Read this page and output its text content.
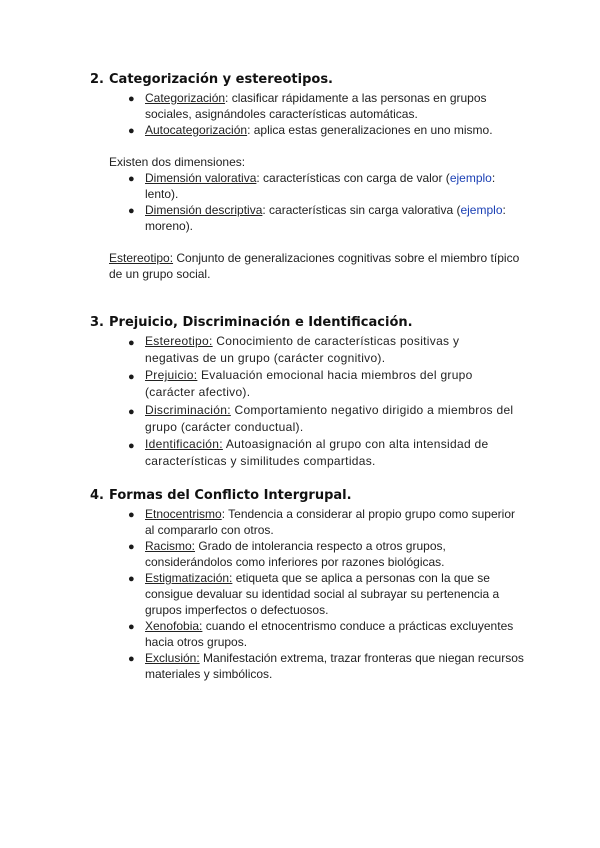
2. Categorización y estereotipos.
● Categorización: clasificar rápidamente a las personas en grupos sociales, asignándoles características automáticas.
● Autocategorización: aplica estas generalizaciones en uno mismo.
Existen dos dimensiones:
● Dimensión valorativa: características con carga de valor (ejemplo: lento).
● Dimensión descriptiva: características sin carga valorativa (ejemplo: moreno).
Estereotipo: Conjunto de generalizaciones cognitivas sobre el miembro típico de un grupo social.
3. Prejuicio, Discriminación e Identificación.
● Estereotipo: Conocimiento de características positivas y negativas de un grupo (carácter cognitivo).
● Prejuicio: Evaluación emocional hacia miembros del grupo (carácter afectivo).
● Discriminación: Comportamiento negativo dirigido a miembros del grupo (carácter conductual).
● Identificación: Autoasignación al grupo con alta intensidad de características y similitudes compartidas.
4. Formas del Conflicto Intergrupal.
● Etnocentrismo: Tendencia a considerar al propio grupo como superior al compararlo con otros.
● Racismo: Grado de intolerancia respecto a otros grupos, considerándolos como inferiores por razones biológicas.
● Estigmatización: etiqueta que se aplica a personas con la que se consigue devaluar su identidad social al subrayar su pertenencia a grupos imperfectos o defectuosos.
● Xenofobia: cuando el etnocentrismo conduce a prácticas excluyentes hacia otros grupos.
● Exclusión: Manifestación extrema, trazar fronteras que niegan recursos materiales y simbólicos.
